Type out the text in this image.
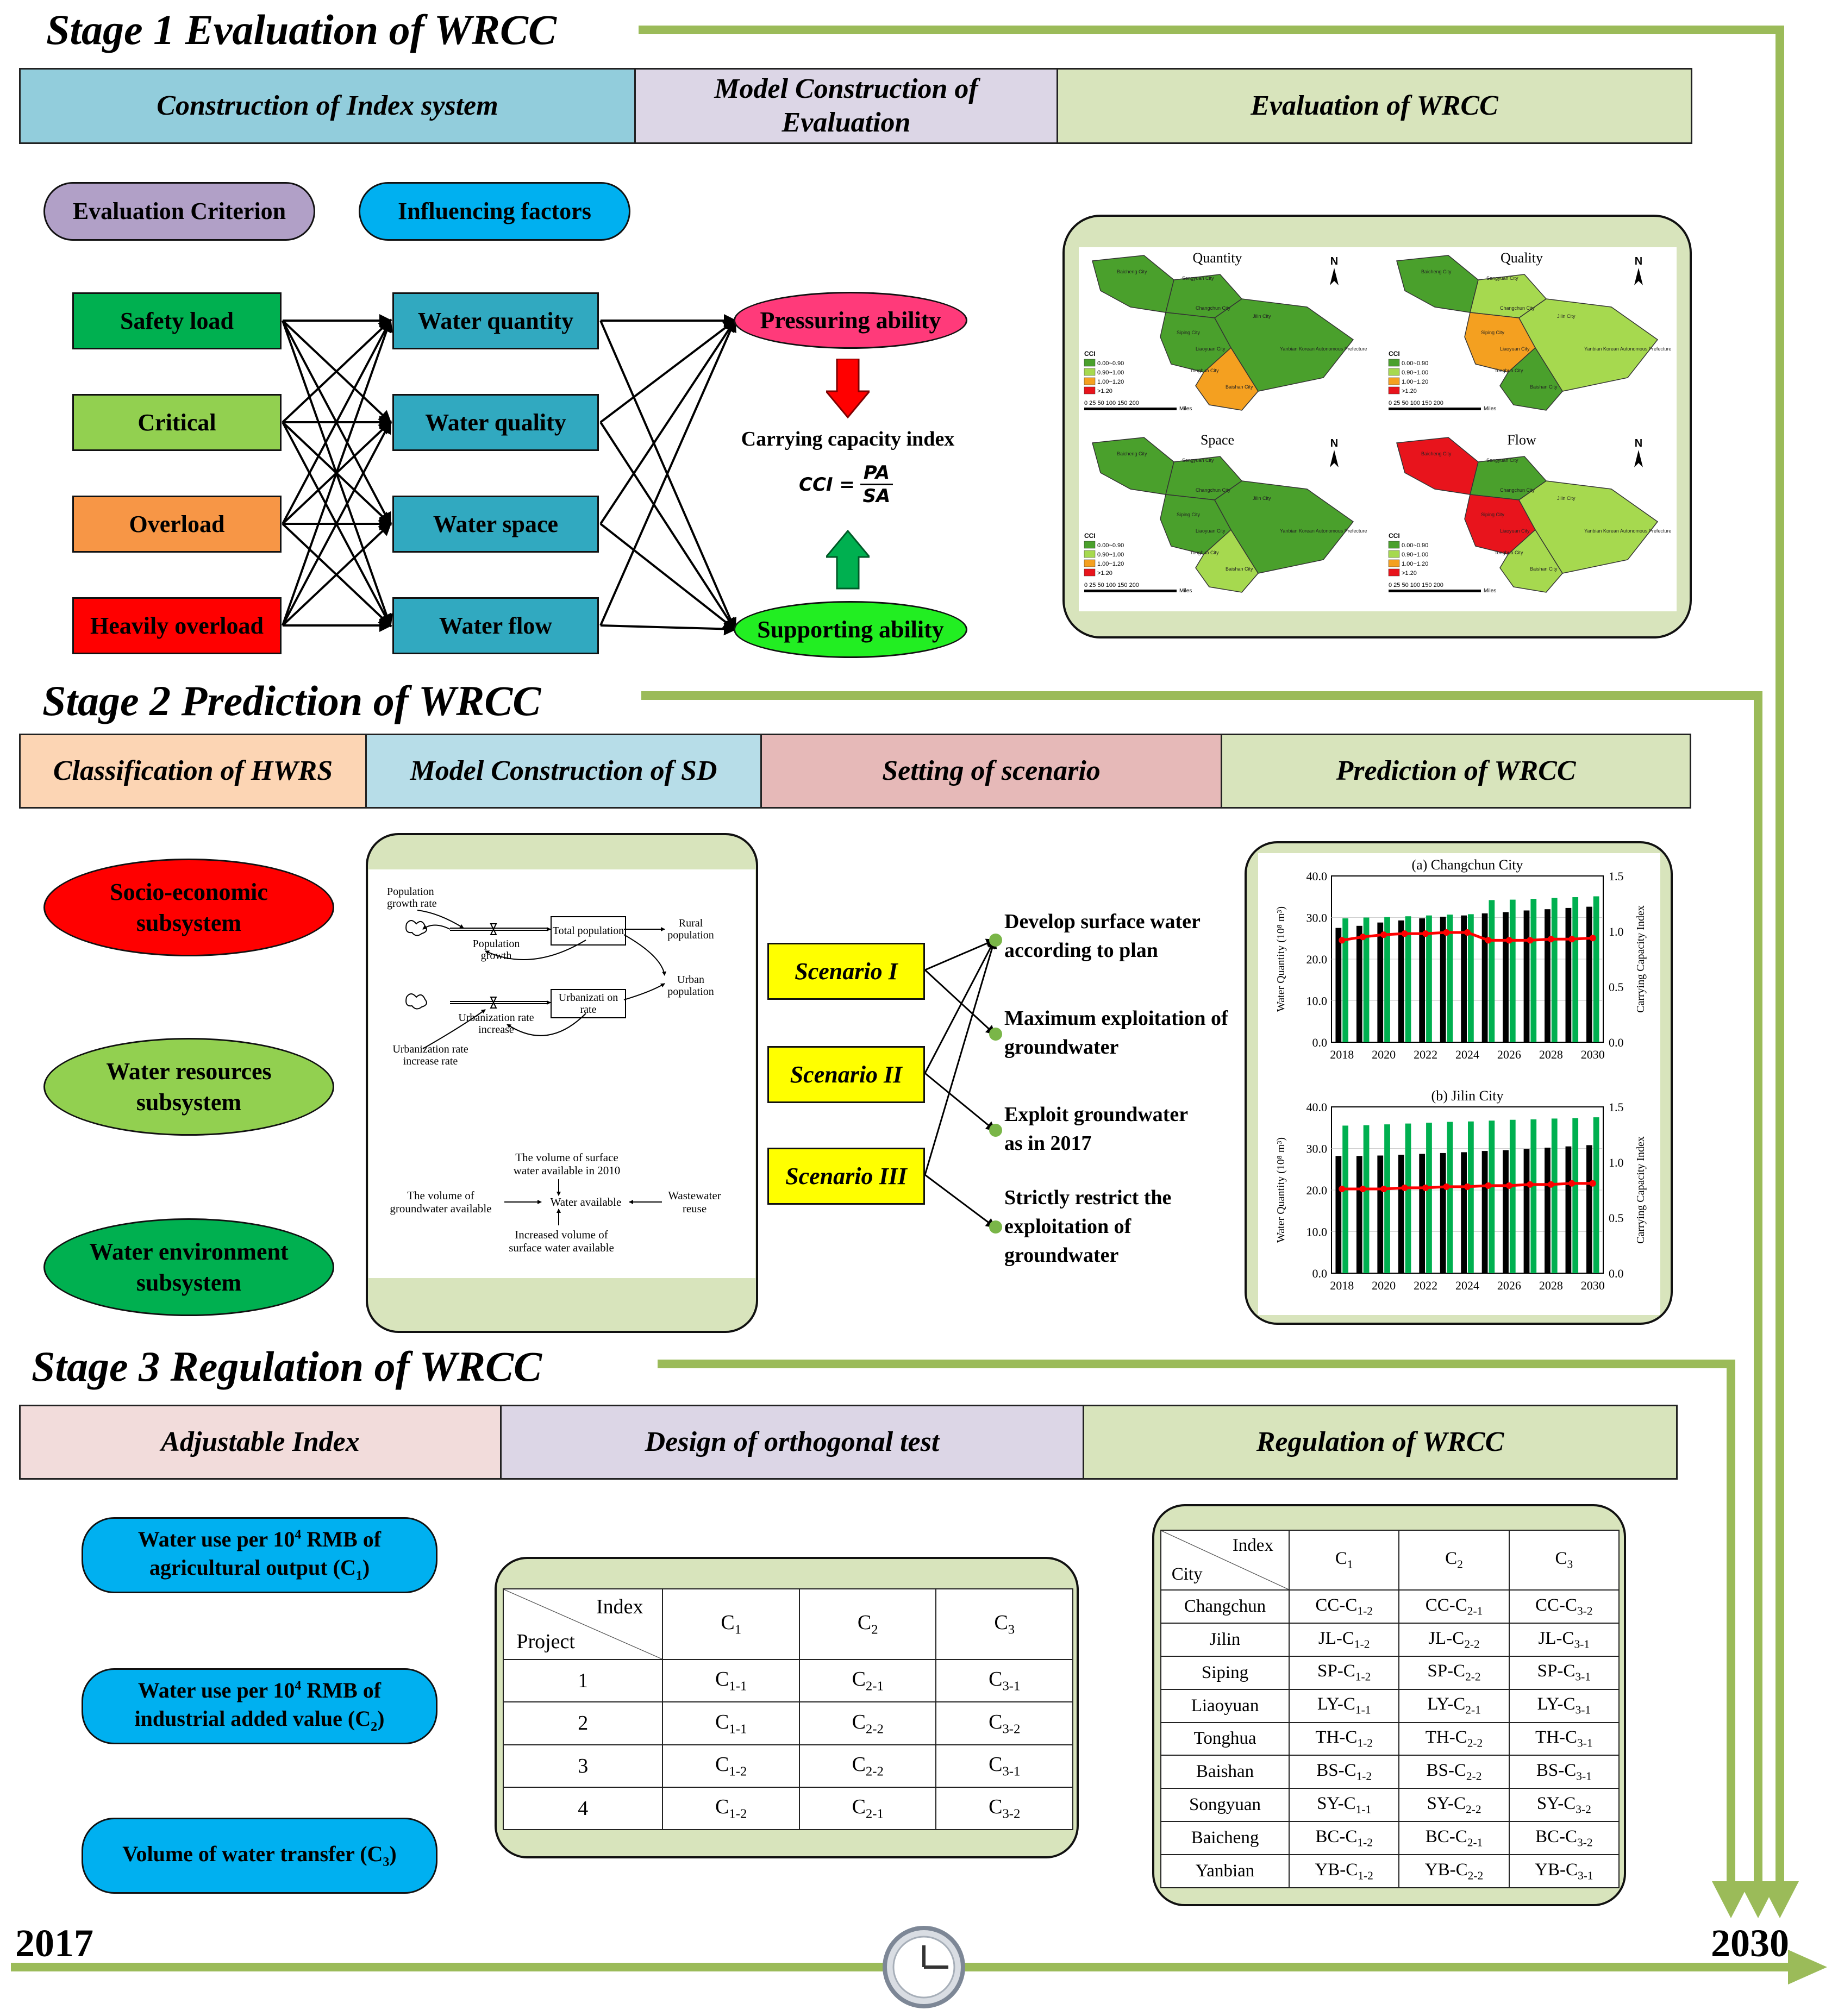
2017	2030
Stage 1 Evaluation of WRCC
Construction of Index system
Model Construction of Evaluation
Evaluation of WRCC
Evaluation Criterion	Influencing factors
Safety load
Critical
Overload
Heavily overload
Water quantity
Water quality
Water space
Water flow
Pressuring ability
Supporting ability
Carrying capacity index
CCI = $\frac{PA}{SA}$
Quantity	N
CCI
0.00~0.90
0.90~1.00
1.00~1.20
>1.20
0 25 50 100 150 200
Miles
Baicheng City
Songyuan City
Changchun City
Siping City
Jilin City
Liaoyuan City
Tonghua City
Baishan City
Yanbian Korean Autonomous Prefecture
Quality	N
CCI
0.00~0.90
0.90~1.00
1.00~1.20
>1.20
0 25 50 100 150 200
Miles
Baicheng City
Songyuan City
Changchun City
Siping City
Jilin City
Liaoyuan City
Tonghua City
Baishan City
Yanbian Korean Autonomous Prefecture
Space	N
CCI
0.00~0.90
0.90~1.00
1.00~1.20
>1.20
0 25 50 100 150 200
Miles
Baicheng City
Songyuan City
Changchun City
Siping City
Jilin City
Liaoyuan City
Tonghua City
Baishan City
Yanbian Korean Autonomous Prefecture
Flow	N
CCI
0.00~0.90
0.90~1.00
1.00~1.20
>1.20
0 25 50 100 150 200
Miles
Baicheng City
Songyuan City
Changchun City
Siping City
Jilin City
Liaoyuan City
Tonghua City
Baishan City
Yanbian Korean Autonomous Prefecture
Stage 2 Prediction of WRCC
Classification of HWRS	Model Construction of SD	Setting of scenario	Prediction of WRCC
Socio-economic subsystem
Water resources subsystem
Water environment subsystem
Population growth rate
Population growth
Total population
Rural population
Urban population
Urbanizati on rate
Urbanization rate increase
Urbanization rate increase rate
The volume of surface water available in 2010
The volume of groundwater available
Water available	Wastewater reuse
Increased volume of surface water available
Scenario I
Scenario II
Scenario III
Develop surface water according to plan
Maximum exploitation of groundwater
Exploit groundwater as in 2017
Strictly restrict the exploitation of groundwater
(a) Changchun City
0.0
10.0
20.0
30.0
40.0
0.0
0.5
1.0
1.5
2018 2020 2022 2024 2026 2028 2030
Water Quantity (10⁸ m³)	Carrying Capacity Index
(b) Jilin City
0.0
10.0
20.0
30.0
40.0
0.0
0.5
1.0
1.5
2018 2020 2022 2024 2026 2028 2030
Water Quantity (10⁸ m³)	Carrying Capacity Index
Stage 3 Regulation of WRCC
Adjustable Index	Design of orthogonal test	Regulation of WRCC
Water use per $10^4$ RMB of
agricultural output $(C_1)$
Water use per $10^4$ RMB of
industrial added value $(C_2)$
Volume of water transfer $(C_3)$
Index
Project	$C_1$	$C_2$	$C_3$
1	$C_{1-1}$	$C_{2-1}$	$C_{3-1}$
2	$C_{1-1}$	$C_{2-2}$	$C_{3-2}$
3	$C_{1-2}$	$C_{2-2}$	$C_{3-1}$
4	$C_{1-2}$	$C_{2-1}$	$C_{3-2}$
Index
City	$C_1$	$C_2$	$C_3$
Changchun	$CC-C_{1-2}$	$CC-C_{2-1}$	$CC-C_{3-2}$
Jilin	$JL-C_{1-2}$	$JL-C_{2-2}$	$JL-C_{3-1}$
Siping	$SP-C_{1-2}$	$SP-C_{2-2}$	$SP-C_{3-1}$
Liaoyuan	$LY-C_{1-1}$	$LY-C_{2-1}$	$LY-C_{3-1}$
Tonghua	$TH-C_{1-2}$	$TH-C_{2-2}$	$TH-C_{3-1}$
Baishan	$BS-C_{1-2}$	$BS-C_{2-2}$	$BS-C_{3-1}$
Songyuan	$SY-C_{1-1}$	$SY-C_{2-2}$	$SY-C_{3-2}$
Baicheng	$BC-C_{1-2}$	$BC-C_{2-1}$	$BC-C_{3-2}$
Yanbian	$YB-C_{1-2}$	$YB-C_{2-2}$	$YB-C_{3-1}$
